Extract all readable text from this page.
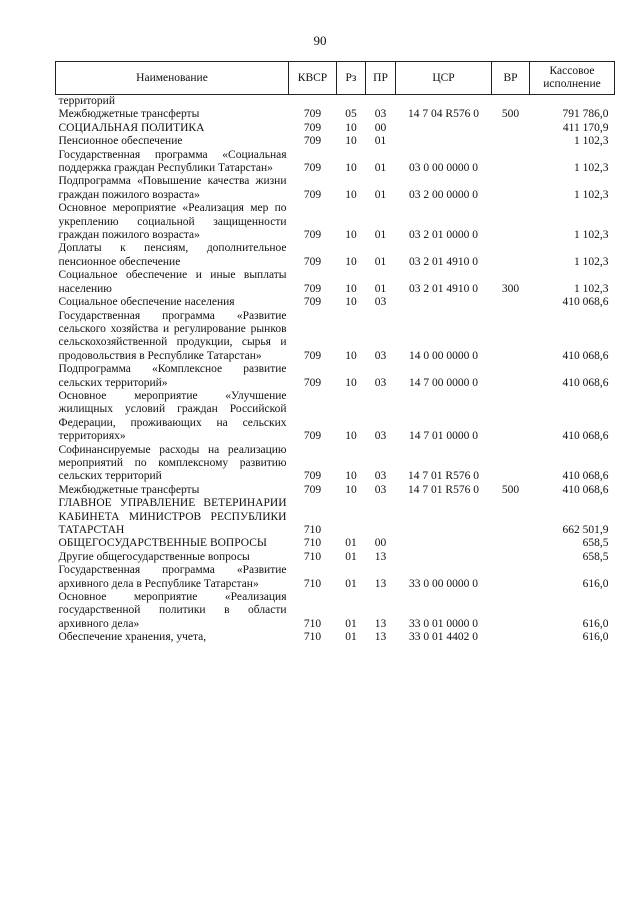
90
Наименование	КВСР	Рз	ПР	ЦСР	ВР	Кассовое исполнение
территорий						
Межбюджетные трансферты	709	05	03	14 7 04 R576 0	500	791 786,0
СОЦИАЛЬНАЯ ПОЛИТИКА	709	10	00			411 170,9
Пенсионное обеспечение	709	10	01			1 102,3
Государственная программа «Социальная поддержка граждан Республики Татарстан»	709	10	01	03 0 00 0000 0		1 102,3
Подпрограмма «Повышение качества жизни граждан пожилого возраста»	709	10	01	03 2 00 0000 0		1 102,3
Основное мероприятие «Реализация мер по укреплению социальной защищенности граждан пожилого возраста»	709	10	01	03 2 01 0000 0		1 102,3
Доплаты к пенсиям, дополнительное пенсионное обеспечение	709	10	01	03 2 01 4910 0		1 102,3
Социальное обеспечение и иные выплаты населению	709	10	01	03 2 01 4910 0	300	1 102,3
Социальное обеспечение населения	709	10	03			410 068,6
Государственная программа «Развитие сельского хозяйства и регулирование рынков сельскохозяйственной продукции, сырья и продовольствия в Республике Татарстан»	709	10	03	14 0 00 0000 0		410 068,6
Подпрограмма «Комплексное развитие сельских территорий»	709	10	03	14 7 00 0000 0		410 068,6
Основное мероприятие «Улучшение жилищных условий граждан Российской Федерации, проживающих на сельских территориях»	709	10	03	14 7 01 0000 0		410 068,6
Софинансируемые расходы на реализацию мероприятий по комплексному развитию сельских территорий	709	10	03	14 7 01 R576 0		410 068,6
Межбюджетные трансферты	709	10	03	14 7 01 R576 0	500	410 068,6
ГЛАВНОЕ УПРАВЛЕНИЕ ВЕТЕРИНАРИИ КАБИНЕТА МИНИСТРОВ РЕСПУБЛИКИ ТАТАРСТАН	710					662 501,9
ОБЩЕГОСУДАРСТВЕННЫЕ ВОПРОСЫ	710	01	00			658,5
Другие общегосударственные вопросы	710	01	13			658,5
Государственная программа «Развитие архивного дела в Республике Татарстан»	710	01	13	33 0 00 0000 0		616,0
Основное мероприятие «Реализация государственной политики в области архивного дела»	710	01	13	33 0 01 0000 0		616,0
Обеспечение хранения, учета,	710	01	13	33 0 01 4402 0		616,0
